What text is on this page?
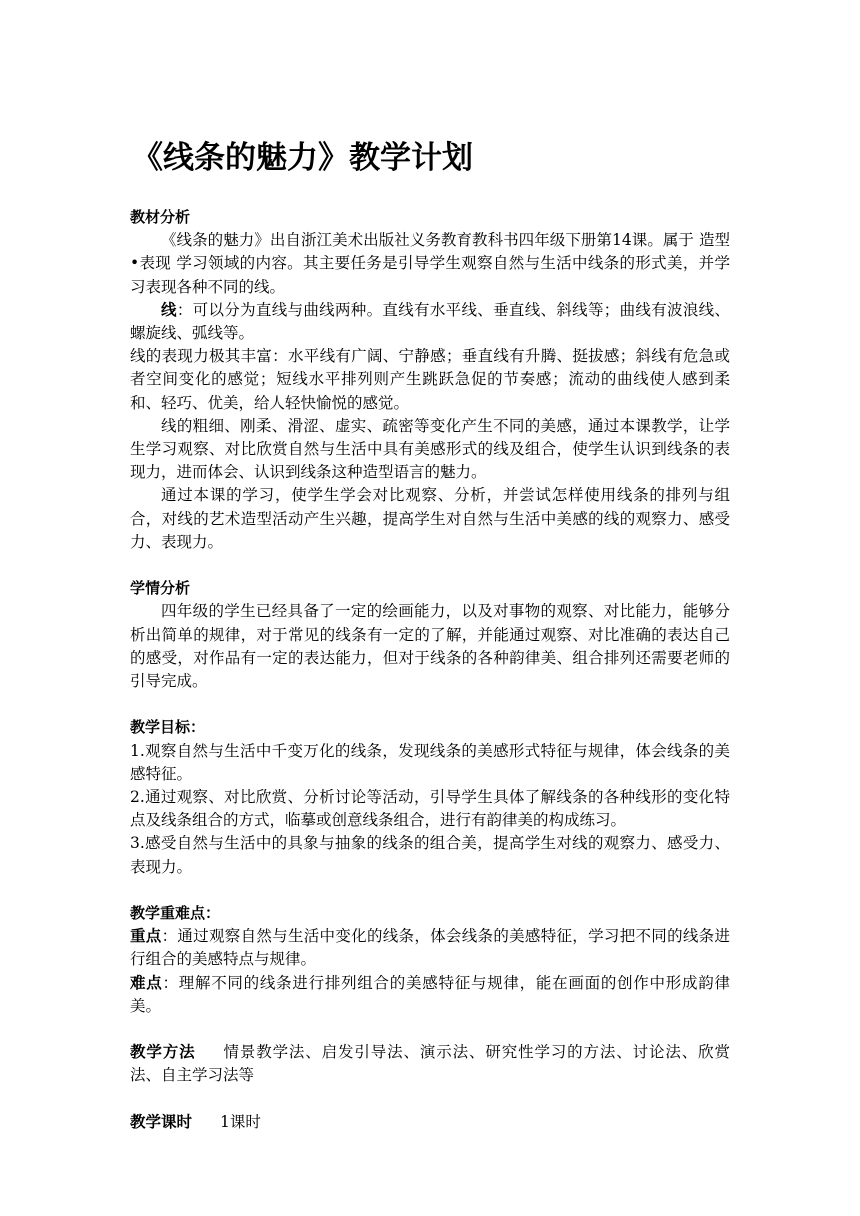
《线条的魅力》教学计划

教材分析

《线条的魅力》出自浙江美术出版社义务教育教科书四年级下册第14课。属于 造型•表现 学习领域的内容。其主要任务是引导学生观察自然与生活中线条的形式美，并学习表现各种不同的线。

线：可以分为直线与曲线两种。直线有水平线、垂直线、斜线等；曲线有波浪线、螺旋线、弧线等。

线的表现力极其丰富：水平线有广阔、宁静感；垂直线有升腾、挺拔感；斜线有危急或者空间变化的感觉；短线水平排列则产生跳跃急促的节奏感；流动的曲线使人感到柔和、轻巧、优美，给人轻快愉悦的感觉。

线的粗细、刚柔、滑涩、虚实、疏密等变化产生不同的美感，通过本课教学，让学生学习观察、对比欣赏自然与生活中具有美感形式的线及组合，使学生认识到线条的表现力，进而体会、认识到线条这种造型语言的魅力。

通过本课的学习，使学生学会对比观察、分析，并尝试怎样使用线条的排列与组合，对线的艺术造型活动产生兴趣，提高学生对自然与生活中美感的线的观察力、感受力、表现力。

学情分析

四年级的学生已经具备了一定的绘画能力，以及对事物的观察、对比能力，能够分析出简单的规律，对于常见的线条有一定的了解，并能通过观察、对比准确的表达自己的感受，对作品有一定的表达能力，但对于线条的各种韵律美、组合排列还需要老师的引导完成。

教学目标：

1.观察自然与生活中千变万化的线条，发现线条的美感形式特征与规律，体会线条的美感特征。

2.通过观察、对比欣赏、分析讨论等活动，引导学生具体了解线条的各种线形的变化特点及线条组合的方式，临摹或创意线条组合，进行有韵律美的构成练习。

3.感受自然与生活中的具象与抽象的线条的组合美，提高学生对线的观察力、感受力、表现力。

教学重难点：

重点：通过观察自然与生活中变化的线条，体会线条的美感特征，学习把不同的线条进行组合的美感特点与规律。

难点：理解不同的线条进行排列组合的美感特征与规律，能在画面的创作中形成韵律美。

教学方法 情景教学法、启发引导法、演示法、研究性学习的方法、讨论法、欣赏法、自主学习法等

教学课时 1课时
